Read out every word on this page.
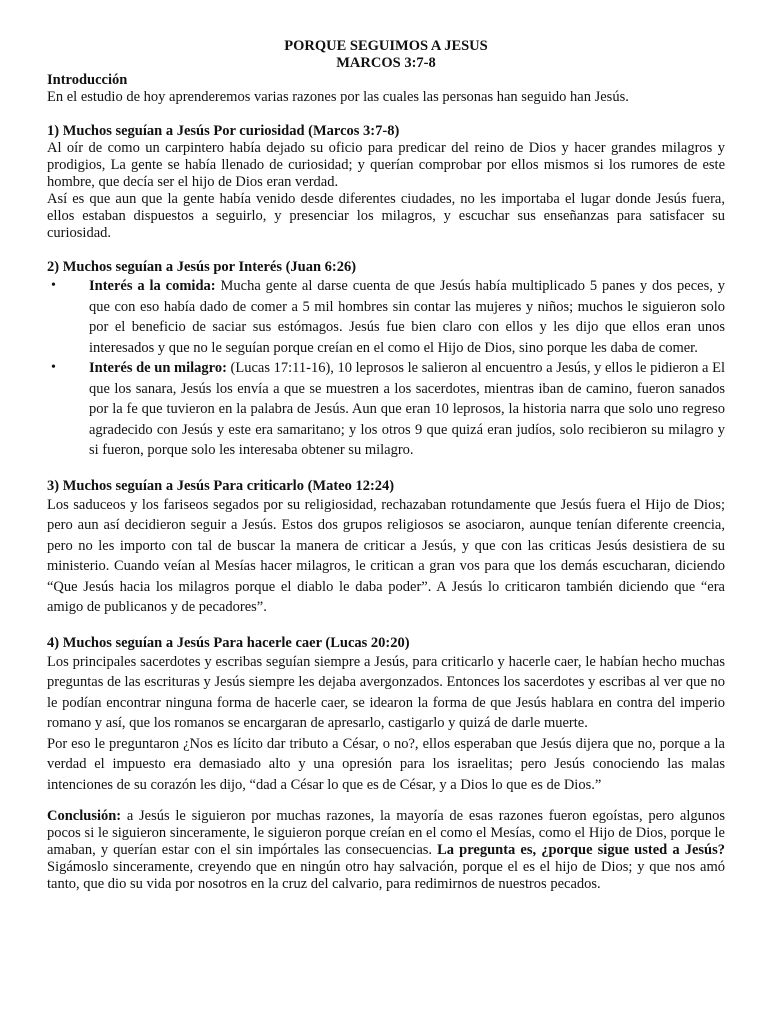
PORQUE SEGUIMOS A JESUS
MARCOS 3:7-8
Introducción

En el estudio de hoy aprenderemos varias razones por las cuales las personas han seguido han Jesús.

1) Muchos seguían a Jesús Por curiosidad (Marcos 3:7-8)

Al oír de como un carpintero había dejado su oficio para predicar del reino de Dios y hacer grandes milagros y prodigios, La gente se había llenado de curiosidad; y querían comprobar por ellos mismos si los rumores de este hombre, que decía ser el hijo de Dios eran verdad.

Así es que aun que la gente había venido desde diferentes ciudades, no les importaba el lugar donde Jesús fuera, ellos estaban dispuestos a seguirlo, y presenciar los milagros, y escuchar sus enseñanzas para satisfacer su curiosidad.

2) Muchos seguían a Jesús por Interés (Juan 6:26)
• Interés a la comida: Mucha gente al darse cuenta de que Jesús había multiplicado 5 panes y dos peces, y que con eso había dado de comer a 5 mil hombres sin contar las mujeres y niños; muchos le siguieron solo por el beneficio de saciar sus estómagos. Jesús fue bien claro con ellos y les dijo que ellos eran unos interesados y que no le seguían porque creían en el como el Hijo de Dios, sino porque les daba de comer.
• Interés de un milagro: (Lucas 17:11-16), 10 leprosos le salieron al encuentro a Jesús, y ellos le pidieron a El que los sanara, Jesús los envía a que se muestren a los sacerdotes, mientras iban de camino, fueron sanados por la fe que tuvieron en la palabra de Jesús. Aun que eran 10 leprosos, la historia narra que solo uno regreso agradecido con Jesús y este era samaritano; y los otros 9 que quizá eran judíos, solo recibieron su milagro y si fueron, porque solo les interesaba obtener su milagro.
3) Muchos seguían a Jesús Para criticarlo (Mateo 12:24)

Los saduceos y los fariseos segados por su religiosidad, rechazaban rotundamente que Jesús fuera el Hijo de Dios; pero aun así decidieron seguir a Jesús. Estos dos grupos religiosos se asociaron, aunque tenían diferente creencia, pero no les importo con tal de buscar la manera de criticar a Jesús, y que con las criticas Jesús desistiera de su ministerio. Cuando veían al Mesías hacer milagros, le critican a gran vos para que los demás escucharan, diciendo “Que Jesús hacia los milagros porque el diablo le daba poder”. A Jesús lo criticaron también diciendo que “era amigo de publicanos y de pecadores”.

4) Muchos seguían a Jesús Para hacerle caer (Lucas 20:20)

Los principales sacerdotes y escribas seguían siempre a Jesús, para criticarlo y hacerle caer, le habían hecho muchas preguntas de las escrituras y Jesús siempre les dejaba avergonzados. Entonces los sacerdotes y escribas al ver que no le podían encontrar ninguna forma de hacerle caer, se idearon la forma de que Jesús hablara en contra del imperio romano y así, que los romanos se encargaran de apresarlo, castigarlo y quizá de darle muerte.

Por eso le preguntaron ¿Nos es lícito dar tributo a César, o no?, ellos esperaban que Jesús dijera que no, porque a la verdad el impuesto era demasiado alto y una opresión para los israelitas; pero Jesús conociendo las malas intenciones de su corazón les dijo, “dad a César lo que es de César, y a Dios lo que es de Dios.”

Conclusión: a Jesús le siguieron por muchas razones, la mayoría de esas razones fueron egoístas, pero algunos pocos si le siguieron sinceramente, le siguieron porque creían en el como el Mesías, como el Hijo de Dios, porque le amaban, y querían estar con el sin impórtales las consecuencias. La pregunta es, ¿porque sigue usted a Jesús? Sigámoslo sinceramente, creyendo que en ningún otro hay salvación, porque el es el hijo de Dios; y que nos amó tanto, que dio su vida por nosotros en la cruz del calvario, para redimirnos de nuestros pecados.
